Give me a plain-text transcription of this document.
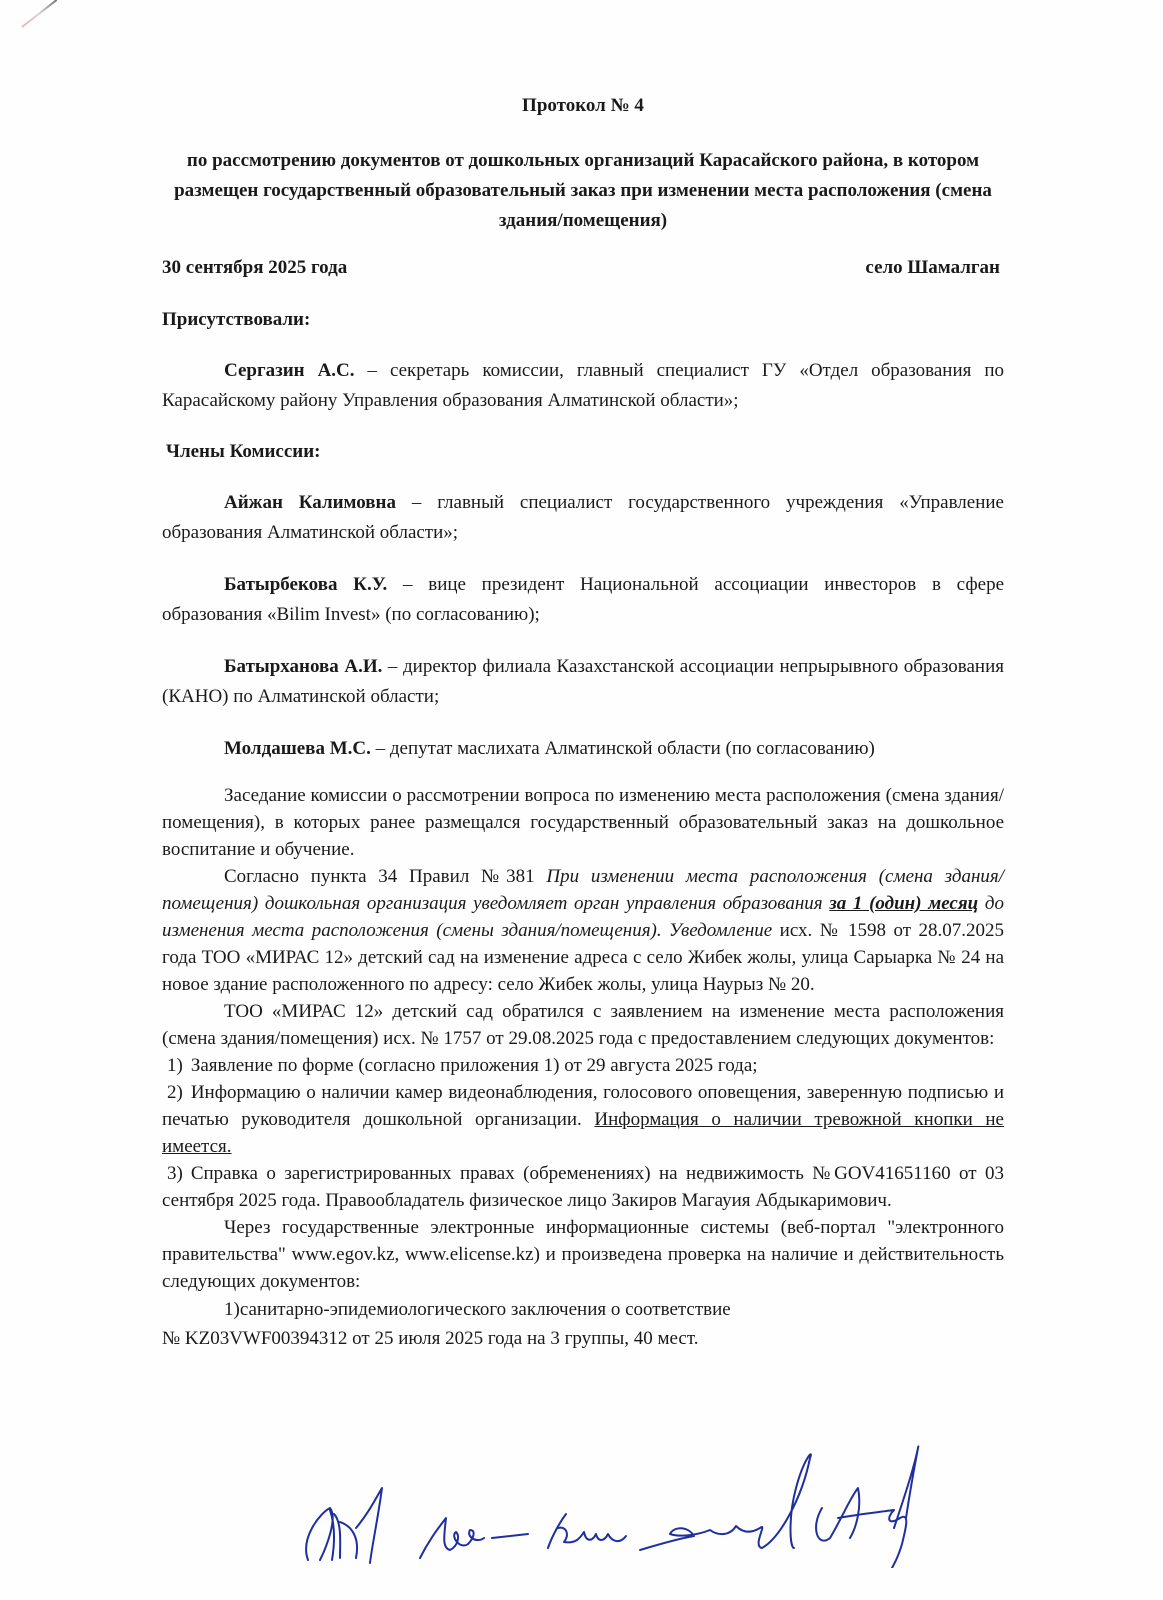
Протокол № 4

по рассмотрению документов от дошкольных организаций Карасайского района, в котором размещен государственный образовательный заказ при изменении места расположения (смена здания/помещения)

30 сентября 2025 года	село Шамалган

Присутствовали:

Сергазин А.С. – секретарь комиссии, главный специалист ГУ «Отдел образования по Карасайскому району Управления образования Алматинской области»;

Члены Комиссии:

Айжан Калимовна – главный специалист государственного учреждения «Управление образования Алматинской области»;

Батырбекова К.У. – вице президент Национальной ассоциации инвесторов в сфере образования «Bilim Invest» (по согласованию);

Батырханова А.И. – директор филиала Казахстанской ассоциации непрырывного образования (КАНО) по Алматинской области;

Молдашева М.С. – депутат маслихата Алматинской области (по согласованию)

Заседание комиссии о рассмотрении вопроса по изменению места расположения (смена здания/помещения), в которых ранее размещался государственный образовательный заказ на дошкольное воспитание и обучение.

Согласно пункта 34 Правил №381 При изменении места расположения (смена здания/помещения) дошкольная организация уведомляет орган управления образования за 1 (один) месяц до изменения места расположения (смены здания/помещения). Уведомление исх. № 1598 от 28.07.2025 года ТОО «МИРАС 12» детский сад на изменение адреса с село Жибек жолы, улица Сарыарка № 24 на новое здание расположенного по адресу: село Жибек жолы, улица Наурыз № 20.

ТОО «МИРАС 12» детский сад обратился с заявлением на изменение места расположения (смена здания/помещения) исх. № 1757 от 29.08.2025 года с предоставлением следующих документов:

1) Заявление по форме (согласно приложения 1) от 29 августа 2025 года;

2) Информацию о наличии камер видеонаблюдения, голосового оповещения, заверенную подписью и печатью руководителя дошкольной организации. Информация о наличии тревожной кнопки не имеется.

3) Справка о зарегистрированных правах (обременениях) на недвижимость №GOV41651160 от 03 сентября 2025 года. Правообладатель физическое лицо Закиров Магауия Абдыкаримович.

Через государственные электронные информационные системы (веб-портал "электронного правительства" www.egov.kz, www.elicense.kz) и произведена проверка на наличие и действительность следующих документов:

1)санитарно-эпидемиологического заключения о соответствие

№ KZ03VWF00394312 от 25 июля 2025 года на 3 группы, 40 мест.
